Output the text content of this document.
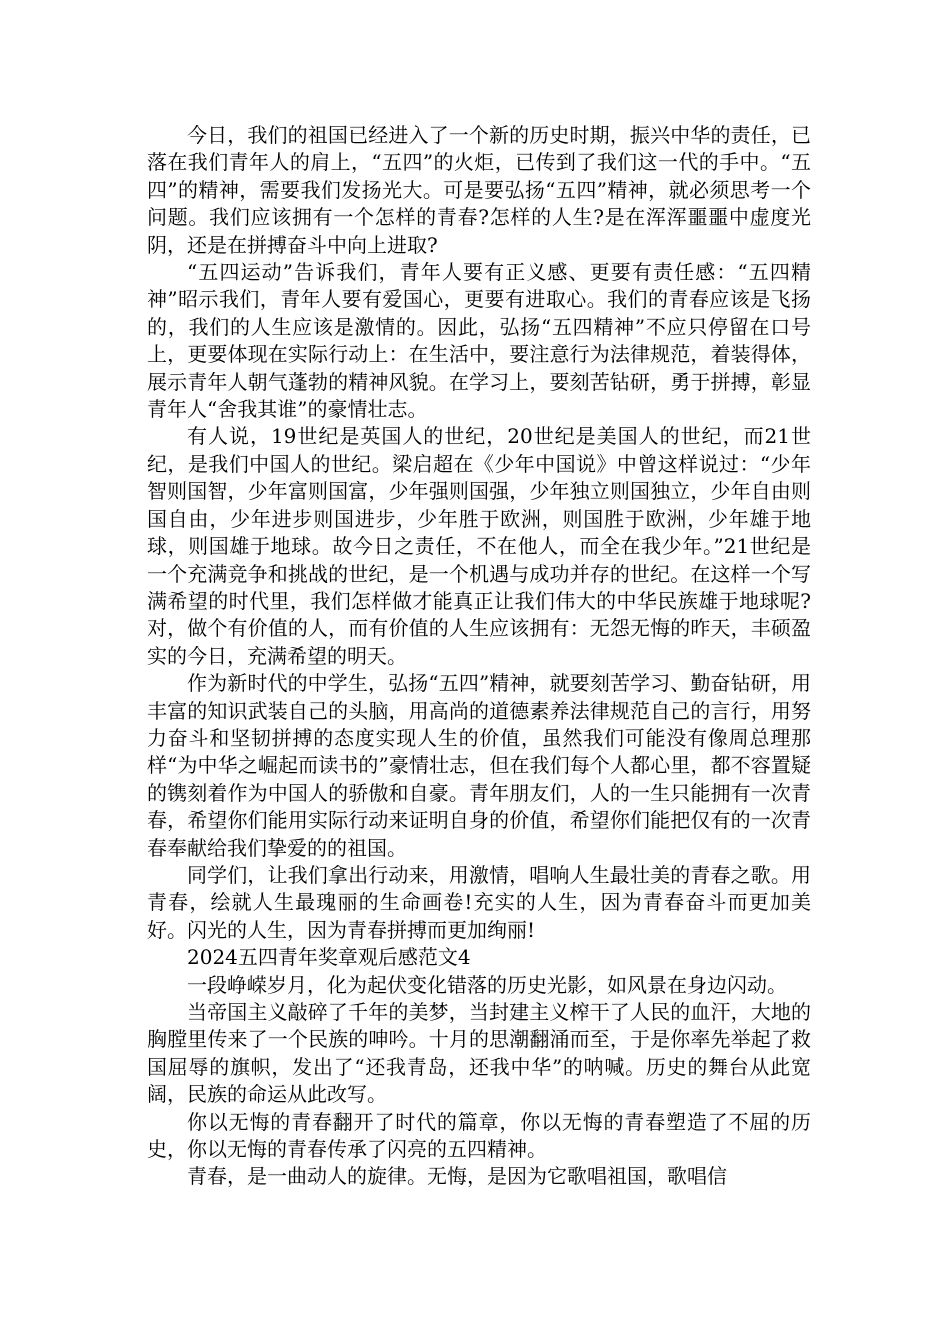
今日，我们的祖国已经进入了一个新的历史时期，振兴中华的责任，已落在我们青年人的肩上，“五四”的火炬，已传到了我们这一代的手中。“五四”的精神，需要我们发扬光大。可是要弘扬“五四”精神，就必须思考一个问题。我们应该拥有一个怎样的青春?怎样的人生?是在浑浑噩噩中虚度光阴，还是在拼搏奋斗中向上进取?

“五四运动”告诉我们，青年人要有正义感、更要有责任感：“五四精神”昭示我们，青年人要有爱国心，更要有进取心。我们的青春应该是飞扬的，我们的人生应该是激情的。因此，弘扬“五四精神”不应只停留在口号上，更要体现在实际行动上：在生活中，要注意行为法律规范，着装得体，展示青年人朝气蓬勃的精神风貌。在学习上，要刻苦钻研，勇于拼搏，彰显青年人“舍我其谁”的豪情壮志。

有人说，19世纪是英国人的世纪，20世纪是美国人的世纪，而21世纪，是我们中国人的世纪。梁启超在《少年中国说》中曾这样说过：“少年智则国智，少年富则国富，少年强则国强，少年独立则国独立，少年自由则国自由，少年进步则国进步，少年胜于欧洲，则国胜于欧洲，少年雄于地球，则国雄于地球。故今日之责任，不在他人，而全在我少年。”21世纪是一个充满竞争和挑战的世纪，是一个机遇与成功并存的世纪。在这样一个写满希望的时代里，我们怎样做才能真正让我们伟大的中华民族雄于地球呢?对，做个有价值的人，而有价值的人生应该拥有：无怨无悔的昨天，丰硕盈实的今日，充满希望的明天。

作为新时代的中学生，弘扬“五四”精神，就要刻苦学习、勤奋钻研，用丰富的知识武装自己的头脑，用高尚的道德素养法律规范自己的言行，用努力奋斗和坚韧拼搏的态度实现人生的价值，虽然我们可能没有像周总理那样“为中华之崛起而读书的”豪情壮志，但在我们每个人都心里，都不容置疑的镌刻着作为中国人的骄傲和自豪。青年朋友们，人的一生只能拥有一次青春，希望你们能用实际行动来证明自身的价值，希望你们能把仅有的一次青春奉献给我们挚爱的的祖国。

同学们，让我们拿出行动来，用激情，唱响人生最壮美的青春之歌。用青春，绘就人生最瑰丽的生命画卷!充实的人生，因为青春奋斗而更加美好。闪光的人生，因为青春拼搏而更加绚丽!

2024五四青年奖章观后感范文4

一段峥嵘岁月，化为起伏变化错落的历史光影，如风景在身边闪动。

当帝国主义敲碎了千年的美梦，当封建主义榨干了人民的血汗，大地的胸膛里传来了一个民族的呻吟。十月的思潮翻涌而至，于是你率先举起了救国屈辱的旗帜，发出了“还我青岛，还我中华”的呐喊。历史的舞台从此宽阔，民族的命运从此改写。

你以无悔的青春翻开了时代的篇章，你以无悔的青春塑造了不屈的历史，你以无悔的青春传承了闪亮的五四精神。

青春，是一曲动人的旋律。无悔，是因为它歌唱祖国，歌唱信
